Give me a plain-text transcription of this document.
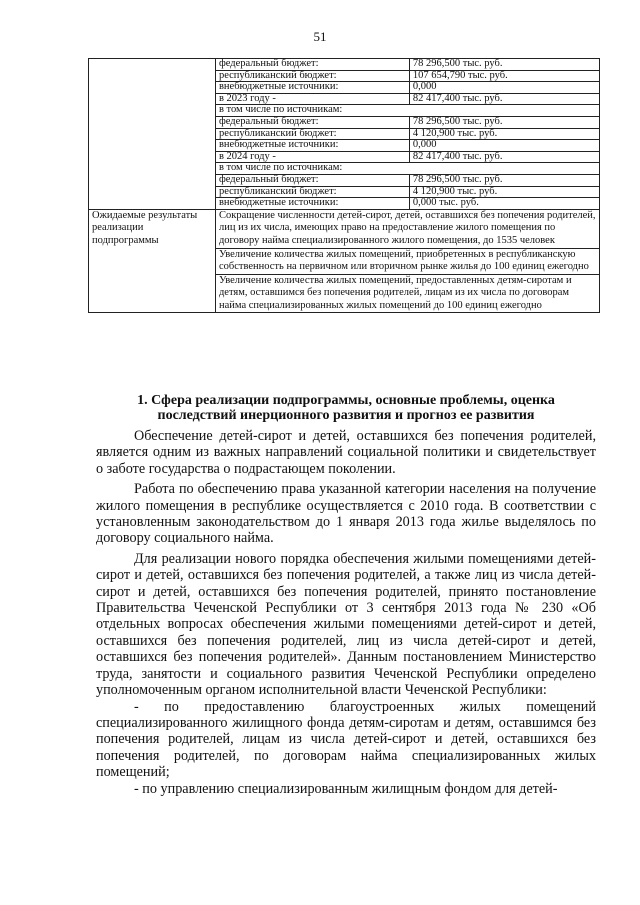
51
	федеральный бюджет:	78 296,500 тыс. руб.
	республиканский бюджет:	107 654,790 тыс. руб.
	внебюджетные источники:	0,000
	в 2023 году -	82 417,400 тыс. руб.
	в том числе по источникам:	
	федеральный бюджет:	78 296,500 тыс. руб.
	республиканский бюджет:	4 120,900 тыс. руб.
	внебюджетные источники:	0,000
	в 2024 году -	82 417,400 тыс. руб.
	в том числе по источникам:	
	федеральный бюджет:	78 296,500 тыс. руб.
	республиканский бюджет:	4 120,900 тыс. руб.
	внебюджетные источники:	0,000 тыс. руб.
Ожидаемые результаты реализации подпрограммы	Сокращение численности детей-сирот, детей, оставшихся без попечения родителей, лиц из их числа, имеющих право на предоставление жилого помещения по договору найма специализированного жилого помещения, до 1535 человек	
	Увеличение количества жилых помещений, приобретенных в республиканскую собственность на первичном или вторичном рынке жилья до 100 единиц ежегодно	
	Увеличение количества жилых помещений, предоставленных детям-сиротам и детям, оставшимся без попечения родителей, лицам из их числа по договорам найма специализированных жилых помещений до 100 единиц ежегодно	
1. Сфера реализации подпрограммы, основные проблемы, оценка последствий инерционного развития и прогноз ее развития

Обеспечение детей-сирот и детей, оставшихся без попечения родителей, является одним из важных направлений социальной политики и свидетельствует о заботе государства о подрастающем поколении.

Работа по обеспечению права указанной категории населения на получение жилого помещения в республике осуществляется с 2010 года. В соответствии с установленным законодательством до 1 января 2013 года жилье выделялось по договору социального найма.

Для реализации нового порядка обеспечения жилыми помещениями детей-сирот и детей, оставшихся без попечения родителей, а также лиц из числа детей-сирот и детей, оставшихся без попечения родителей, принято постановление Правительства Чеченской Республики от 3 сентября 2013 года № 230 «Об отдельных вопросах обеспечения жилыми помещениями детей-сирот и детей, оставшихся без попечения родителей, лиц из числа детей-сирот и детей, оставшихся без попечения родителей». Данным постановлением Министерство труда, занятости и социального развития Чеченской Республики определено уполномоченным органом исполнительной власти Чеченской Республики:

- по предоставлению благоустроенных жилых помещений специализированного жилищного фонда детям-сиротам и детям, оставшимся без попечения родителей, лицам из числа детей-сирот и детей, оставшихся без попечения родителей, по договорам найма специализированных жилых помещений;

- по управлению специализированным жилищным фондом для детей-
